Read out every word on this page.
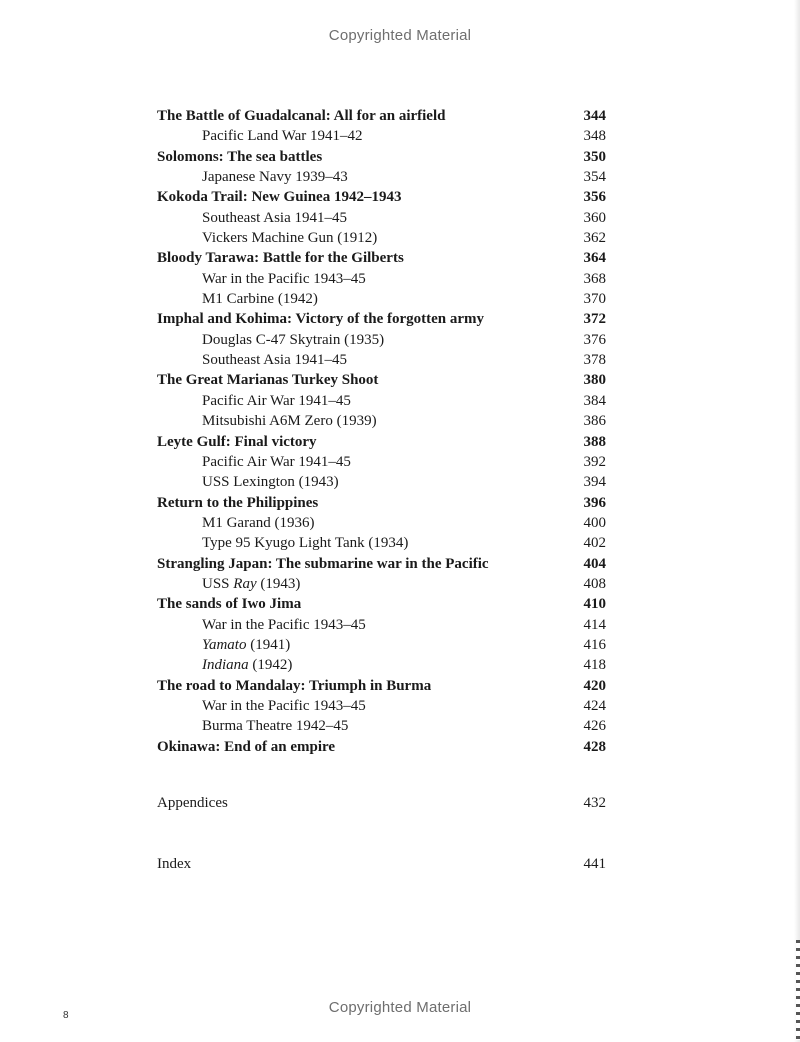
Copyrighted Material
The Battle of Guadalcanal: All for an airfield	344
Pacific Land War 1941–42	348
Solomons: The sea battles	350
Japanese Navy 1939–43	354
Kokoda Trail: New Guinea 1942–1943	356
Southeast Asia 1941–45	360
Vickers Machine Gun (1912)	362
Bloody Tarawa: Battle for the Gilberts	364
War in the Pacific 1943–45	368
M1 Carbine (1942)	370
Imphal and Kohima: Victory of the forgotten army	372
Douglas C-47 Skytrain (1935)	376
Southeast Asia 1941–45	378
The Great Marianas Turkey Shoot	380
Pacific Air War 1941–45	384
Mitsubishi A6M Zero (1939)	386
Leyte Gulf: Final victory	388
Pacific Air War 1941–45	392
USS Lexington (1943)	394
Return to the Philippines	396
M1 Garand (1936)	400
Type 95 Kyugo Light Tank (1934)	402
Strangling Japan: The submarine war in the Pacific	404
USS Ray (1943)	408
The sands of Iwo Jima	410
War in the Pacific 1943–45	414
Yamato (1941)	416
Indiana (1942)	418
The road to Mandalay: Triumph in Burma	420
War in the Pacific 1943–45	424
Burma Theatre 1942–45	426
Okinawa: End of an empire	428
Appendices	432
Index	441
Copyrighted Material
8
